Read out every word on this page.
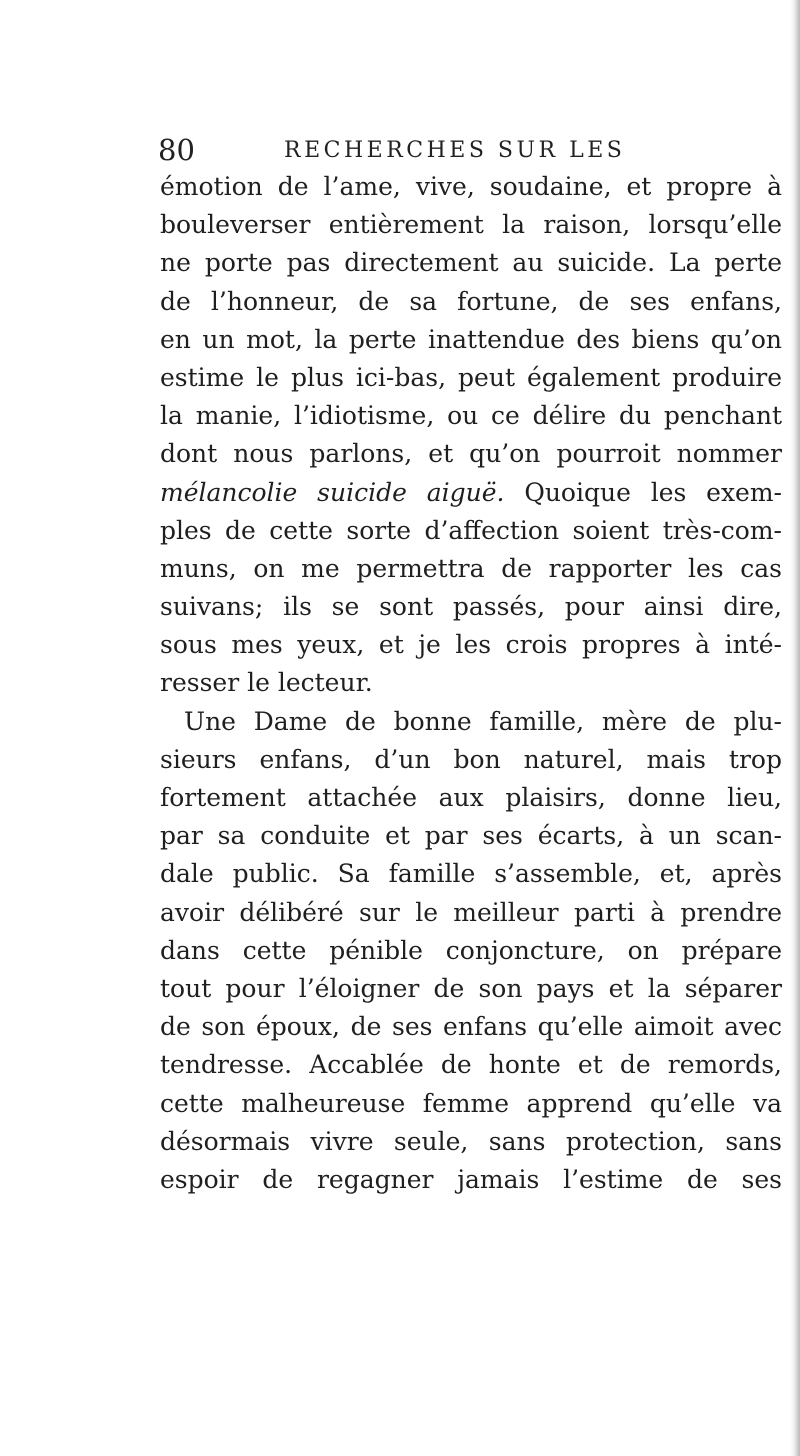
80	RECHERCHES SUR LES
émotion de l’ame, vive, soudaine, et propre à
bouleverser entièrement la raison, lorsqu’elle
ne porte pas directement au suicide. La perte
de l’honneur, de sa fortune, de ses enfans,
en un mot, la perte inattendue des biens qu’on
estime le plus ici-bas, peut également produire
la manie, l’idiotisme, ou ce délire du penchant
dont nous parlons, et qu’on pourroit nommer
mélancolie suicide aiguë. Quoique les exem-
ples de cette sorte d’affection soient très-com-
muns, on me permettra de rapporter les cas
suivans; ils se sont passés, pour ainsi dire,
sous mes yeux, et je les crois propres à inté-
resser le lecteur.
Une Dame de bonne famille, mère de plu-
sieurs enfans, d’un bon naturel, mais trop
fortement attachée aux plaisirs, donne lieu,
par sa conduite et par ses écarts, à un scan-
dale public. Sa famille s’assemble, et, après
avoir délibéré sur le meilleur parti à prendre
dans cette pénible conjoncture, on prépare
tout pour l’éloigner de son pays et la séparer
de son époux, de ses enfans qu’elle aimoit avec
tendresse. Accablée de honte et de remords,
cette malheureuse femme apprend qu’elle va
désormais vivre seule, sans protection, sans
espoir de regagner jamais l’estime de ses
